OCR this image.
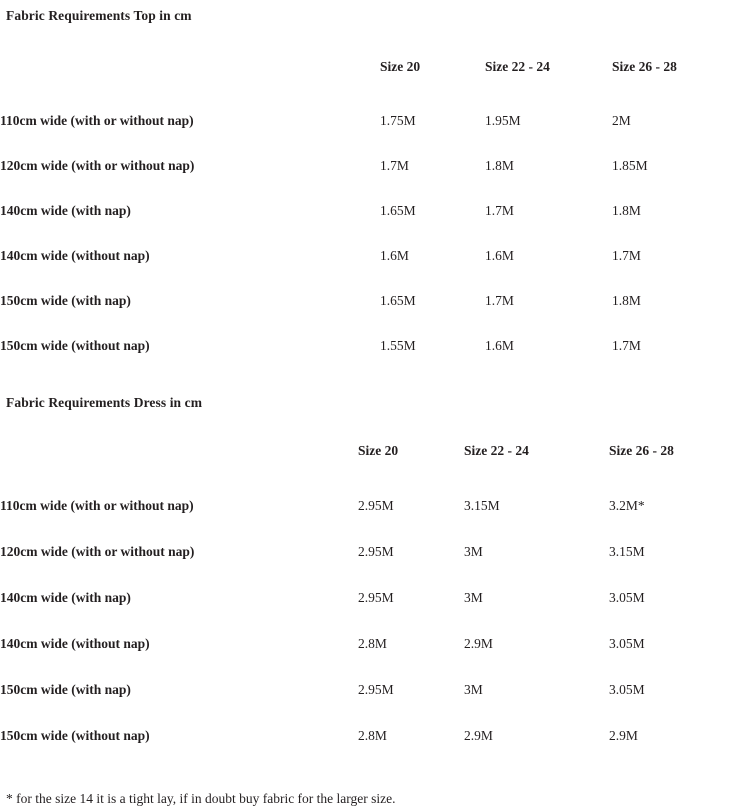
Fabric Requirements Top in cm
	Size 20	Size 22 - 24	Size 26 - 28
110cm wide (with or without nap)	1.75M	1.95M	2M
120cm wide (with or without nap)	1.7M	1.8M	1.85M
140cm wide (with nap)	1.65M	1.7M	1.8M
140cm wide (without nap)	1.6M	1.6M	1.7M
150cm wide (with nap)	1.65M	1.7M	1.8M
150cm wide (without nap)	1.55M	1.6M	1.7M
Fabric Requirements Dress in cm
	Size 20	Size 22 - 24	Size 26 - 28
110cm wide (with or without nap)	2.95M	3.15M	3.2M*
120cm wide (with or without nap)	2.95M	3M	3.15M
140cm wide (with nap)	2.95M	3M	3.05M
140cm wide (without nap)	2.8M	2.9M	3.05M
150cm wide (with nap)	2.95M	3M	3.05M
150cm wide (without nap)	2.8M	2.9M	2.9M

* for the size 14 it is a tight lay, if in doubt buy fabric for the larger size.
